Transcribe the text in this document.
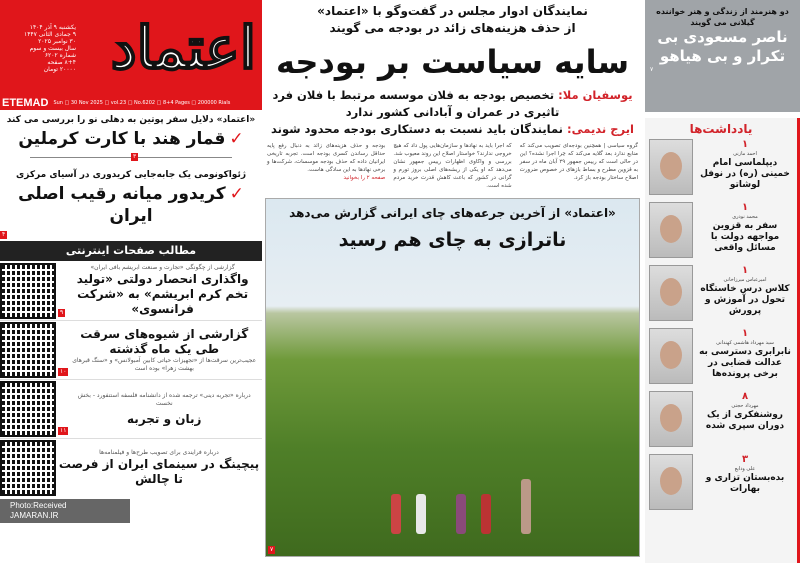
اعتماد
یکشنبه ۹ آذر ۱۴۰۴
۹ جمادی الثانی ۱۴۴۷
۳۰ نوامبر ۲۰۲۵
سال بیست و سوم
شماره ۶۲۰۲
۸+۴ صفحه
۲۰۰۰۰ تومان
ETEMAD Sun □ 30 Nov 2025 □ vol.23 □ No.6202 □ 8+4 Pages □ 200000 Rials
«اعتماد» دلایل سفر پوتین به دهلی نو را بررسی می کند
✓قمار هند با کارت کرملین
۳
ژئواکونومی یک جابه‌جایی کریدوری در آسیای مرکزی
✓کریدور میانه رقیب اصلی ایران
۴
مطالب صفحات اینترنتی
گزارشی از چگونگی «تجارت و صنعت ابریشم بافی ایران»
واگذاری انحصار دولتی «تولید تخم کرم ابریشم» به «شرکت فرانسوی»
۹
گزارشی از شیوه‌های سرقت طی یک ماه گذشته
عجیب‌ترین سرقت‌ها از «تجهیزات حیاتی کابین آمبولانس» و «سنگ قبرهای بهشت زهرا» بوده است
۱۰
درباره «تجربه دینی» ترجمه شده از دانشنامه فلسفه استنفورد - بخش نخست
زبان و تجربه
۱۱
درباره فرایندی برای تصویب طرح‌ها و فیلمنامه‌ها
پیچینگ در سینمای ایران از فرصت تا چالش
Photo:Received
JAMARAN.IR
نمایندگان ادوار مجلس در گفت‌وگو با «اعتماد»
از حذف هزینه‌های زائد در بودجه می گویند
سایه سیاست بر بودجه
یوسفیان ملا: تخصیص بودجه به فلان موسسه مرتبط با فلان فرد تاثیری در عمران و آبادانی کشور ندارد
ایرج ندیمی: نمایندگان باید نسبت به دستکاری بودجه محدود شوند

گروه سیاسی | همچنین بودجه‌ای تصویب می‌کند که منابع ندارد بعد گلایه می‌کند که چرا اجرا نشده؟ این در حالی است که رییس جمهور ۲۹ آبان ماه در سفر به قزوین مطرح و بساط بازهای در خصوص ضرورت اصلاح ساختار بودجه باز کرد.

که اجرا باید به نهادها و سازمان‌هایی پول داد که هیچ خروجی ندارند؟ خواستار اصلاح این روند معیوب شد. بررسی و واکاوی اظهارات رییس جمهور نشان می‌دهد که او یکی از ریشه‌های اصلی بروز تورم و گرانی در کشور که باعث کاهش قدرت خرید مردم شده است.

بودجه و حذف هزینه‌های زائد به دنبال رفع پایه حداقل رساندن کسری بودجه است. تجربه تاریخی ایرانیان داده که حذف بودجه موسسات، شرکت‌ها و برخی نهادها به این سادگی هاست.
صفحه ۲ را بخوانید

«اعتماد» از آخرین جرعه‌های چای ایرانی گزارش می‌دهد
ناترازی به چای هم رسید
۷
دو هنرمند از زندگی و هنر خواننده گیلانی می گویند
ناصر مسعودی بی تکرار و بی هیاهو
۷
یادداشت‌ها
۱
احمد مازنی
دیپلماسی امام خمینی (ره) در نوفل لوشاتو
۱
محمد نوذری
سفر به قزوین مواجهه دولت با مسائل واقعی
۱
امیرعباس میرزاخانی
کلاس درس خاستگاه تحول در آموزش و پرورش
۱
سید مهرداد هاشمی کهندانی
نابرابری دسترسی به عدالت قضایی در برخی پرونده‌ها
۸
مهرداد حجتی
روشنفکری از یک دوران سپری شده
۳
علی ودایع
بده‌بستان تزاری و بهارات
